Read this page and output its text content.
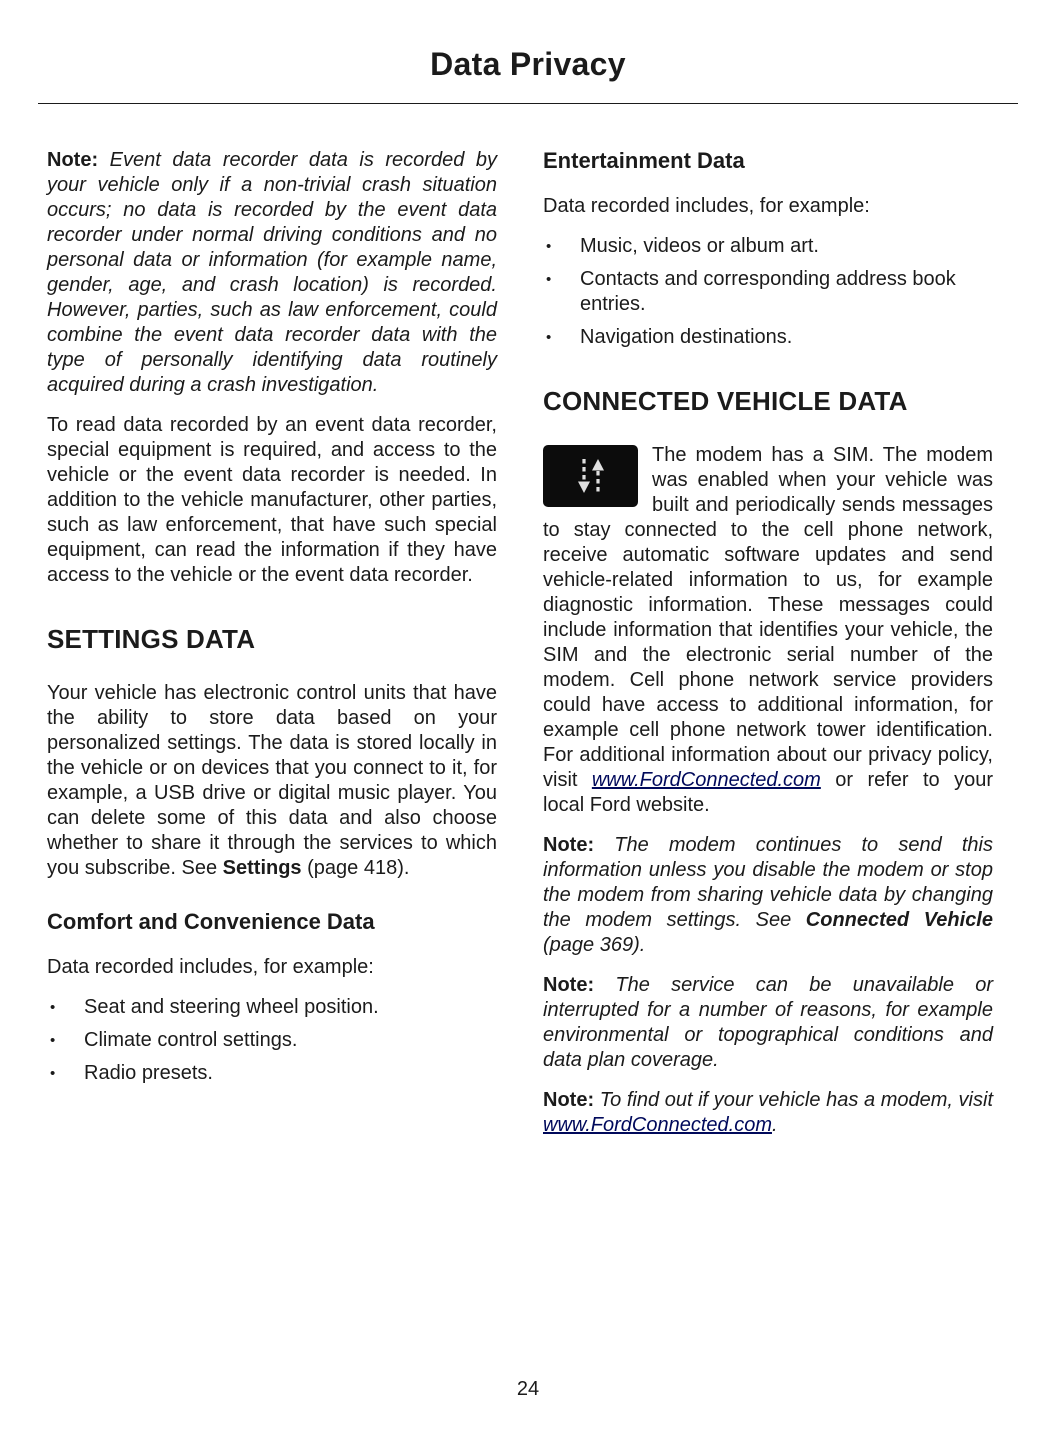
Data Privacy

Note: Event data recorder data is recorded by your vehicle only if a non-trivial crash situation occurs; no data is recorded by the event data recorder under normal driving conditions and no personal data or information (for example name, gender, age, and crash location) is recorded. However, parties, such as law enforcement, could combine the event data recorder data with the type of personally identifying data routinely acquired during a crash investigation.

To read data recorded by an event data recorder, special equipment is required, and access to the vehicle or the event data recorder is needed. In addition to the vehicle manufacturer, other parties, such as law enforcement, that have such special equipment, can read the information if they have access to the vehicle or the event data recorder.

SETTINGS DATA

Your vehicle has electronic control units that have the ability to store data based on your personalized settings. The data is stored locally in the vehicle or on devices that you connect to it, for example, a USB drive or digital music player. You can delete some of this data and also choose whether to share it through the services to which you subscribe. See Settings (page 418).

Comfort and Convenience Data

Data recorded includes, for example:

• Seat and steering wheel position.
• Climate control settings.
• Radio presets.
Entertainment Data

Data recorded includes, for example:

• Music, videos or album art.
• Contacts and corresponding address book entries.
• Navigation destinations.
CONNECTED VEHICLE DATA

The modem has a SIM. The modem was enabled when your vehicle was built and periodically sends messages to stay connected to the cell phone network, receive automatic software updates and send vehicle-related information to us, for example diagnostic information. These messages could include information that identifies your vehicle, the SIM and the electronic serial number of the modem. Cell phone network service providers could have access to additional information, for example cell phone network tower identification. For additional information about our privacy policy, visit www.FordConnected.com or refer to your local Ford website.

Note: The modem continues to send this information unless you disable the modem or stop the modem from sharing vehicle data by changing the modem settings. See Connected Vehicle (page 369).

Note: The service can be unavailable or interrupted for a number of reasons, for example environmental or topographical conditions and data plan coverage.

Note: To find out if your vehicle has a modem, visit www.FordConnected.com.

24
